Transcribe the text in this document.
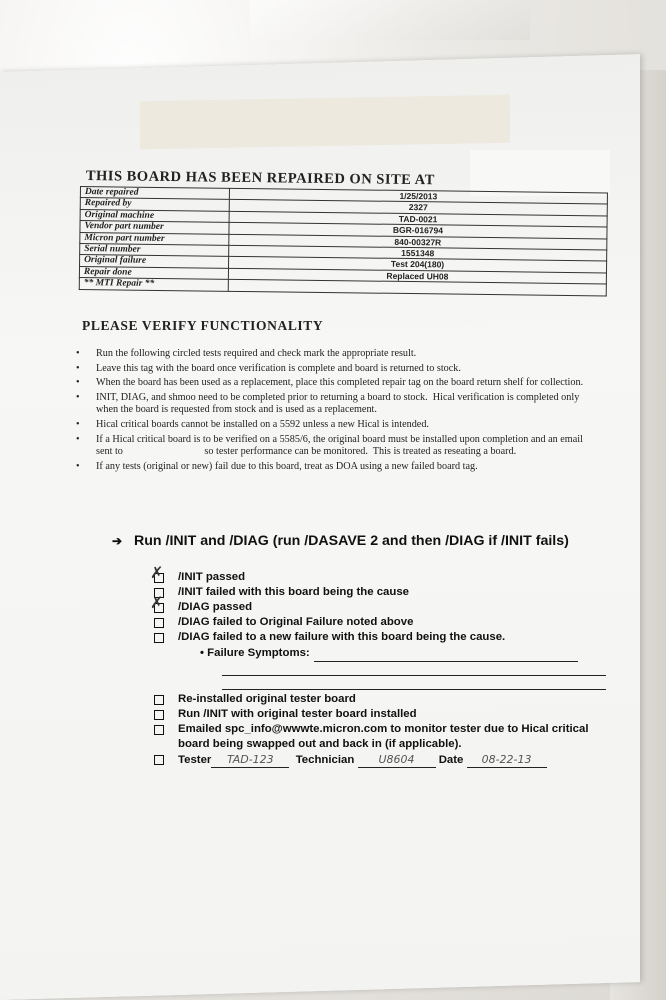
THIS BOARD HAS BEEN REPAIRED ON SITE AT
Date repaired	1/25/2013
Repaired by	2327
Original machine	TAD-0021
Vendor part number	BGR-016794
Micron part number	840-00327R
Serial number	1551348
Original failure	Test 204(180)
Repair done	Replaced UH08
** MTI Repair **	
PLEASE VERIFY FUNCTIONALITY
• Run the following circled tests required and check mark the appropriate result.
• Leave this tag with the board once verification is complete and board is returned to stock.
• When the board has been used as a replacement, place this completed repair tag on the board return shelf for collection.
• INIT, DIAG, and shmoo need to be completed prior to returning a board to stock.  Hical verification is completed only when the board is requested from stock and is used as a replacement.
• Hical critical boards cannot be installed on a 5592 unless a new Hical is intended.
• If a Hical critical board is to be verified on a 5585/6, the original board must be installed upon completion and an email sent to                                so tester performance can be monitored.  This is treated as reseating a board.
• If any tests (original or new) fail due to this board, treat as DOA using a new failed board tag.
➔ Run /INIT and /DIAG (run /DASAVE 2 and then /DIAG if /INIT fails)
✗ /INIT passed
/INIT failed with this board being the cause
✗ /DIAG passed
/DIAG failed to Original Failure noted above
/DIAG failed to a new failure with this board being the cause.
• Failure Symptoms:
Re-installed original tester board
Run /INIT with original tester board installed
Emailed spc_info@wwwte.micron.com to monitor tester due to Hical critical board being swapped out and back in (if applicable).
Tester TAD-123 Technician U8604 Date 08-22-13
